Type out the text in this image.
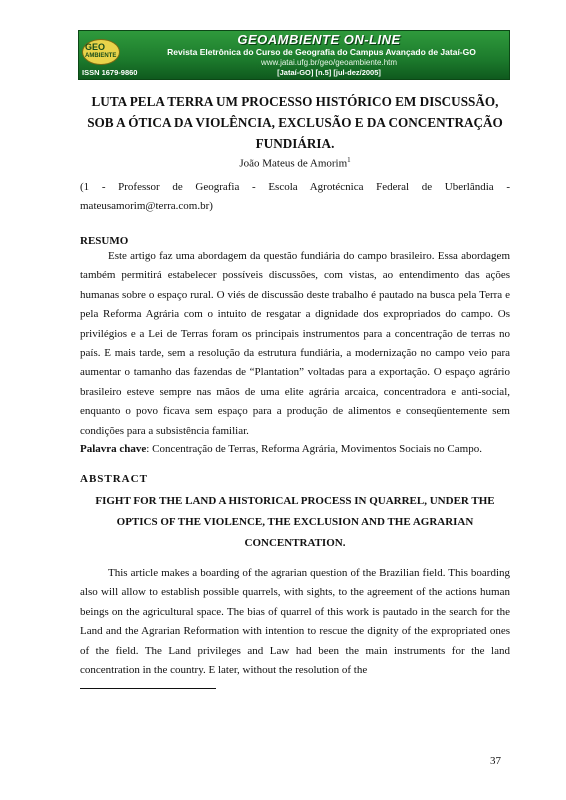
GEO
AMBIENTE
GEOAMBIENTE ON-LINE
Revista Eletrônica do Curso de Geografia do Campus Avançado de Jataí-GO
www.jatai.ufg.br/geo/geoambiente.htm
[Jataí-GO] [n.5] [jul-dez/2005]
ISSN 1679-9860
LUTA PELA TERRA UM PROCESSO HISTÓRICO EM DISCUSSÃO, SOB A ÓTICA DA VIOLÊNCIA, EXCLUSÃO E DA CONCENTRAÇÃO FUNDIÁRIA.
João Mateus de Amorim$^1$
(1 - Professor de Geografia - Escola Agrotécnica Federal de Uberlândia - mateusamorim@terra.com.br)
RESUMO

Este artigo faz uma abordagem da questão fundiária do campo brasileiro. Essa abordagem também permitirá estabelecer possíveis discussões, com vistas, ao entendimento das ações humanas sobre o espaço rural. O viés de discussão deste trabalho é pautado na busca pela Terra e pela Reforma Agrária com o intuito de resgatar a dignidade dos expropriados do campo. Os privilégios e a Lei de Terras foram os principais instrumentos para a concentração de terras no país. E mais tarde, sem a resolução da estrutura fundiária, a modernização no campo veio para aumentar o tamanho das fazendas de “Plantation” voltadas para a exportação. O espaço agrário brasileiro esteve sempre nas mãos de uma elite agrária arcaica, concentradora e anti-social, enquanto o povo ficava sem espaço para a produção de alimentos e conseqüentemente sem condições para a subsistência familiar.

Palavra chave: Concentração de Terras, Reforma Agrária, Movimentos Sociais no Campo.
ABSTRACT
FIGHT FOR THE LAND A HISTORICAL PROCESS IN QUARREL, UNDER THE OPTICS OF THE VIOLENCE, THE EXCLUSION AND THE AGRARIAN CONCENTRATION.

This article makes a boarding of the agrarian question of the Brazilian field. This boarding also will allow to establish possible quarrels, with sights, to the agreement of the actions human beings on the agricultural space. The bias of quarrel of this work is pautado in the search for the Land and the Agrarian Reformation with intention to rescue the dignity of the expropriated ones of the field. The Land privileges and Law had been the main instruments for the land concentration in the country. E later, without the resolution of the

37
